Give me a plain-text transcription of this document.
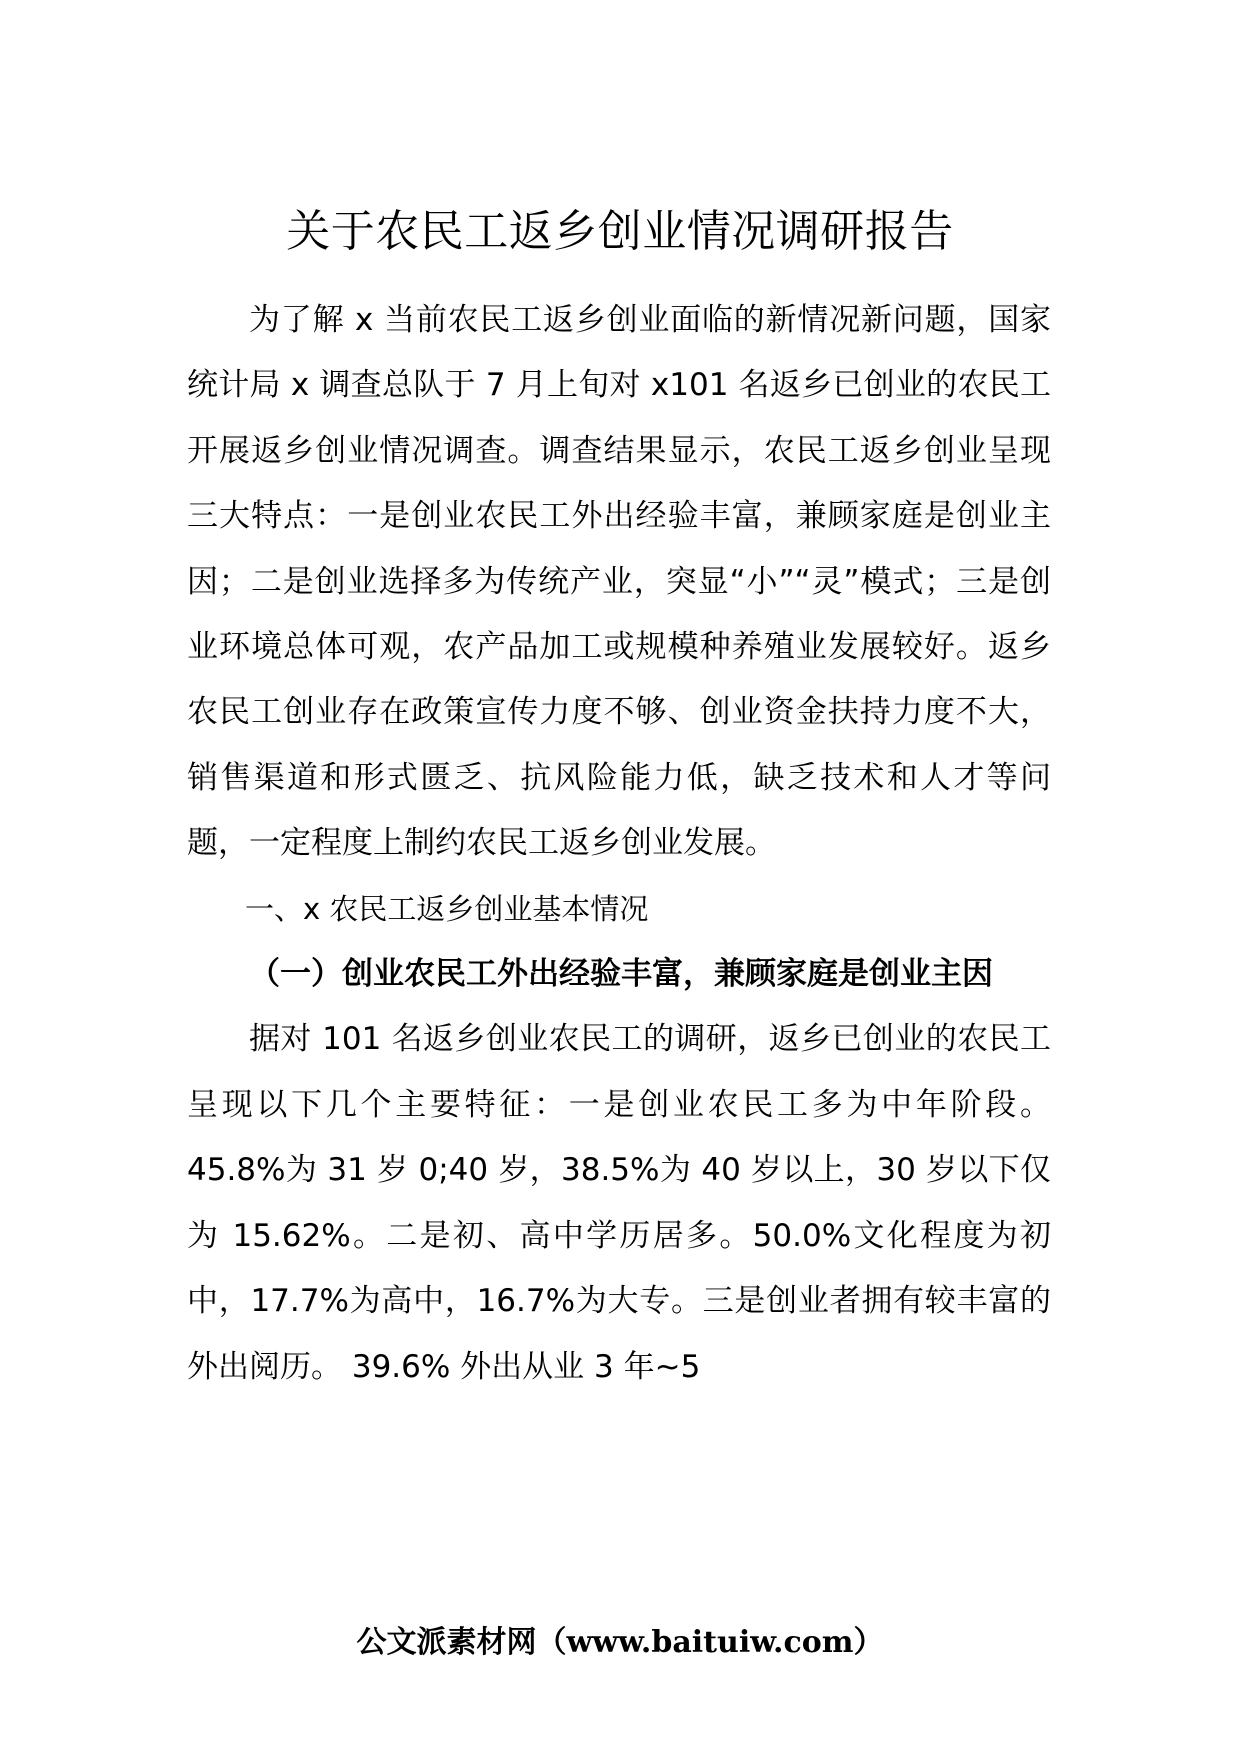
关于农民工返乡创业情况调研报告

为了解 x 当前农民工返乡创业面临的新情况新问题，国家统计局 x 调查总队于 7 月上旬对 x101 名返乡已创业的农民工开展返乡创业情况调查。调查结果显示，农民工返乡创业呈现三大特点：一是创业农民工外出经验丰富，兼顾家庭是创业主因；二是创业选择多为传统产业，突显“小”“灵”模式；三是创业环境总体可观，农产品加工或规模种养殖业发展较好。返乡农民工创业存在政策宣传力度不够、创业资金扶持力度不大，销售渠道和形式匮乏、抗风险能力低，缺乏技术和人才等问题，一定程度上制约农民工返乡创业发展。

一、x 农民工返乡创业基本情况

（一）创业农民工外出经验丰富，兼顾家庭是创业主因

据对 101 名返乡创业农民工的调研，返乡已创业的农民工呈现以下几个主要特征：一是创业农民工多为中年阶段。45.8%为 31 岁 0;40 岁，38.5%为 40 岁以上，30 岁以下仅为 15.62%。二是初、高中学历居多。50.0%文化程度为初中，17.7%为高中，16.7%为大专。三是创业者拥有较丰富的外出阅历。 39.6% 外出从业 3 年~5

公文派素材网（www.baituiw.com）
